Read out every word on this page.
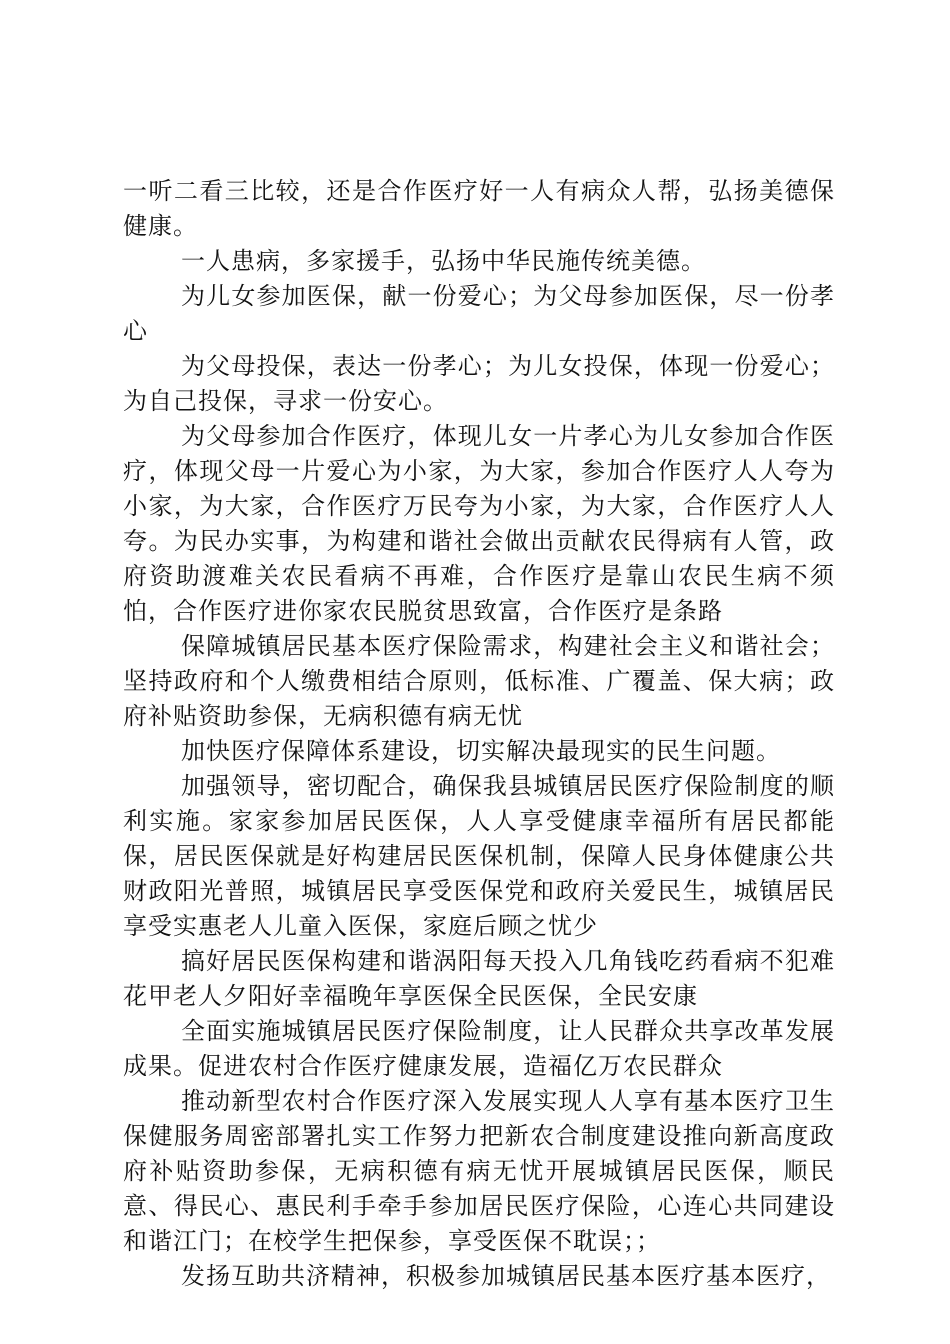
一听二看三比较，还是合作医疗好一人有病众人帮，弘扬美德保健康。

一人患病，多家援手，弘扬中华民施传统美德。

为儿女参加医保，献一份爱心；为父母参加医保，尽一份孝心

为父母投保，表达一份孝心；为儿女投保，体现一份爱心；为自己投保，寻求一份安心。

为父母参加合作医疗，体现儿女一片孝心为儿女参加合作医疗，体现父母一片爱心为小家，为大家，参加合作医疗人人夸为小家，为大家，合作医疗万民夸为小家，为大家，合作医疗人人夸。为民办实事，为构建和谐社会做出贡献农民得病有人管，政府资助渡难关农民看病不再难，合作医疗是靠山农民生病不须怕，合作医疗进你家农民脱贫思致富，合作医疗是条路

保障城镇居民基本医疗保险需求，构建社会主义和谐社会；坚持政府和个人缴费相结合原则，低标准、广覆盖、保大病；政府补贴资助参保，无病积德有病无忧

加快医疗保障体系建设，切实解决最现实的民生问题。

加强领导，密切配合，确保我县城镇居民医疗保险制度的顺利实施。家家参加居民医保，人人享受健康幸福所有居民都能保，居民医保就是好构建居民医保机制，保障人民身体健康公共财政阳光普照，城镇居民享受医保党和政府关爱民生，城镇居民享受实惠老人儿童入医保，家庭后顾之忧少

搞好居民医保构建和谐涡阳每天投入几角钱吃药看病不犯难花甲老人夕阳好幸福晚年享医保全民医保，全民安康

全面实施城镇居民医疗保险制度，让人民群众共享改革发展成果。促进农村合作医疗健康发展，造福亿万农民群众

推动新型农村合作医疗深入发展实现人人享有基本医疗卫生保健服务周密部署扎实工作努力把新农合制度建设推向新高度政府补贴资助参保，无病积德有病无忧开展城镇居民医保，顺民意、得民心、惠民利手牵手参加居民医疗保险，心连心共同建设和谐江门；在校学生把保参，享受医保不耽误；；

发扬互助共济精神，积极参加城镇居民基本医疗基本医疗，
